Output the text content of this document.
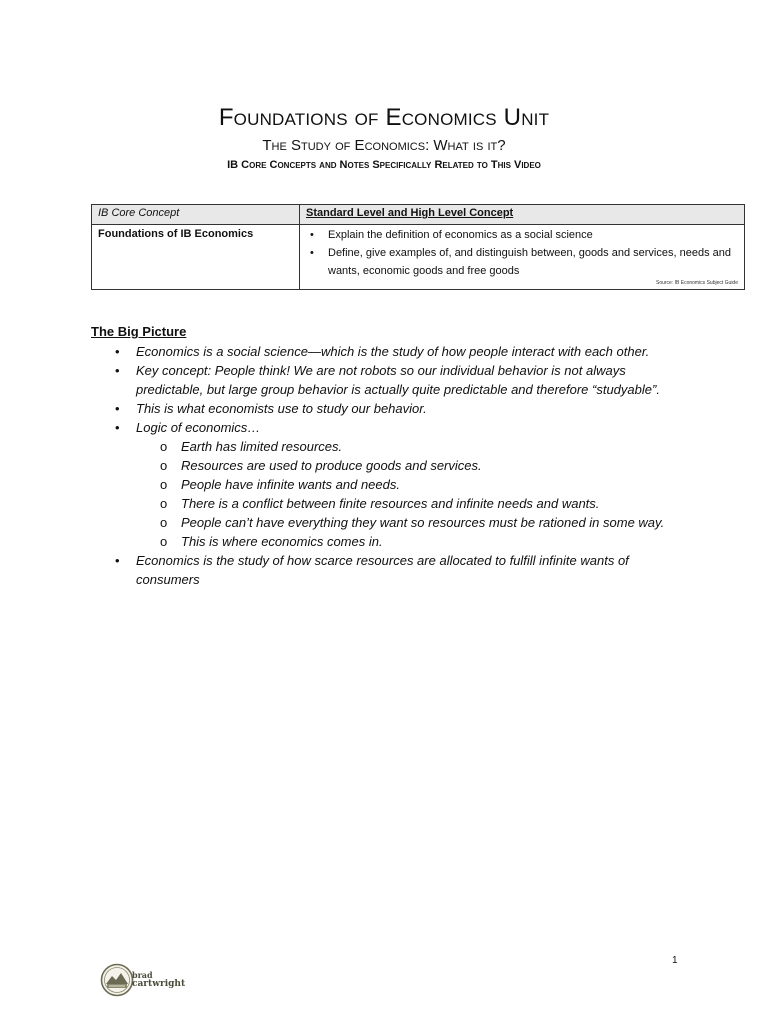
Foundations of Economics Unit
The Study of Economics: What is it?
IB Core Concepts and Notes Specifically Related to This Video
IB Core Concept	Standard Level and High Level Concept
Foundations of IB Economics
•	Explain the definition of economics as a social science
• Define, give examples of, and distinguish between, goods and services, needs and wants, economic goods and free goods
Source: IB Economics Subject Guide
The Big Picture
• Economics is a social science—which is the study of how people interact with each other.
• Key concept: People think! We are not robots so our individual behavior is not always predictable, but large group behavior is actually quite predictable and therefore “studyable”.
• This is what economists use to study our behavior.
• Logic of economics…
o Earth has limited resources.
o Resources are used to produce goods and services.
o People have infinite wants and needs.
o There is a conflict between finite resources and infinite needs and wants.
o People can’t have everything they want so resources must be rationed in some way.
o This is where economics comes in.
• Economics is the study of how scarce resources are allocated to fulfill infinite wants of consumers
1
brad
cartwright
